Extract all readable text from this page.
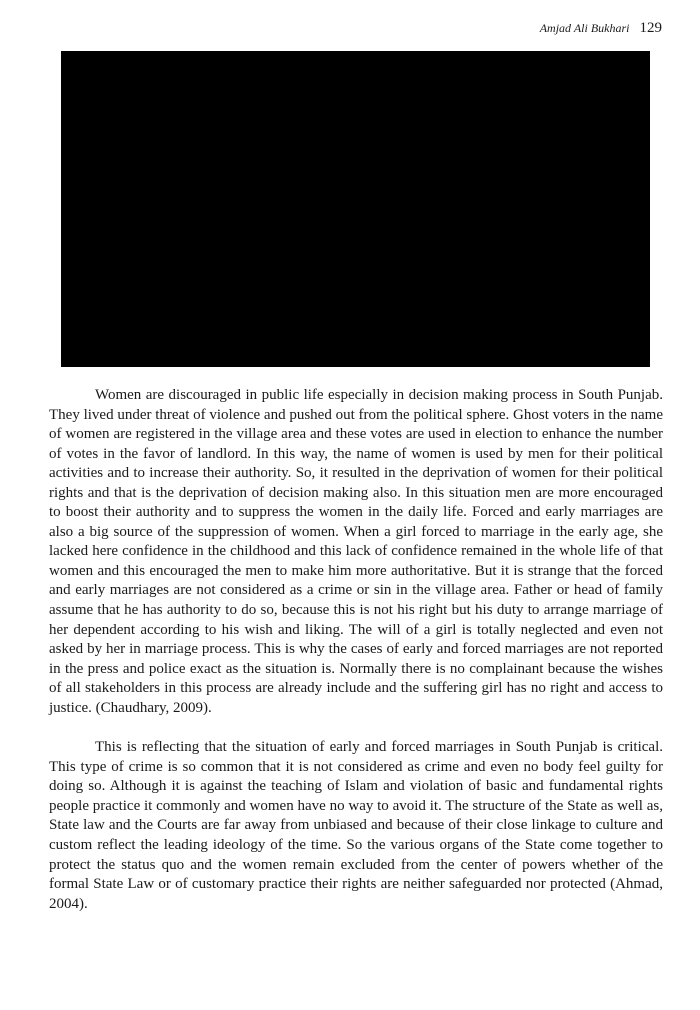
Amjad Ali Bukhari 129

Women are discouraged in public life especially in decision making process in South Punjab. They lived under threat of violence and pushed out from the political sphere. Ghost voters in the name of women are registered in the village area and these votes are used in election to enhance the number of votes in the favor of landlord. In this way, the name of women is used by men for their political activities and to increase their authority. So, it resulted in the deprivation of women for their political rights and that is the deprivation of decision making also. In this situation men are more encouraged to boost their authority and to suppress the women in the daily life. Forced and early marriages are also a big source of the suppression of women. When a girl forced to marriage in the early age, she lacked here confidence in the childhood and this lack of confidence remained in the whole life of that women and this encouraged the men to make him more authoritative. But it is strange that the forced and early marriages are not considered as a crime or sin in the village area. Father or head of family assume that he has authority to do so, because this is not his right but his duty to arrange marriage of her dependent according to his wish and liking. The will of a girl is totally neglected and even not asked by her in marriage process. This is why the cases of early and forced marriages are not reported in the press and police exact as the situation is. Normally there is no complainant because the wishes of all stakeholders in this process are already include and the suffering girl has no right and access to justice. (Chaudhary, 2009).

This is reflecting that the situation of early and forced marriages in South Punjab is critical. This type of crime is so common that it is not considered as crime and even no body feel guilty for doing so. Although it is against the teaching of Islam and violation of basic and fundamental rights people practice it commonly and women have no way to avoid it. The structure of the State as well as, State law and the Courts are far away from unbiased and because of their close linkage to culture and custom reflect the leading ideology of the time. So the various organs of the State come together to protect the status quo and the women remain excluded from the center of powers whether of the formal State Law or of customary practice their rights are neither safeguarded nor protected (Ahmad, 2004).
